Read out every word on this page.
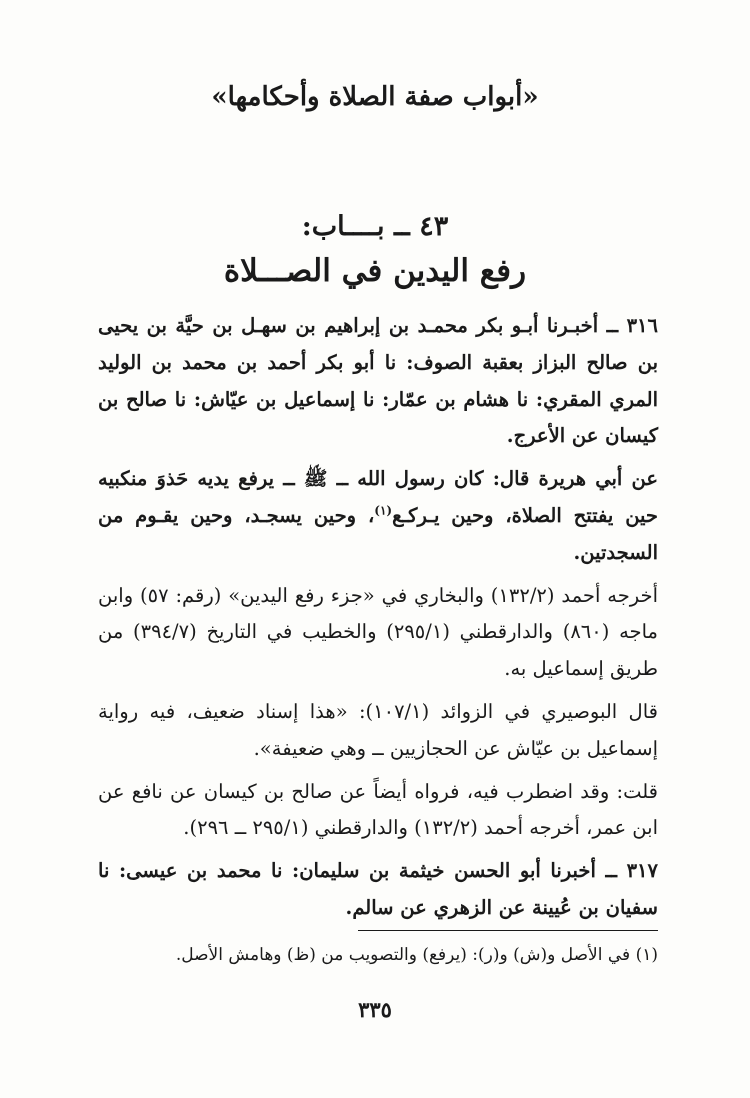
«أبواب صفة الصلاة وأحكامها»
٤٣ ــ بــــاب:
رفع اليدين في الصـــلاة

٣١٦ ــ أخبـرنا أبـو بكر محمـد بن إبراهيم بن سهـل بن حيَّة بن يحيى بن صالح البزاز بعقبة الصوف: نا أبو بكر أحمد بن محمد بن الوليد المري المقري: نا هشام بن عمّار: نا إسماعيل بن عيّاش: نا صالح بن كيسان عن الأعرج.

عن أبي هريرة قال: كان رسول الله ــ ﷺ ــ يرفع يديه حَذوَ منكبيه حين يفتتح الصلاة، وحين يـركـع$^{(١)}$، وحين يسجـد، وحين يقـوم من السجدتين.

أخرجه أحمد (١٣٢/٢) والبخاري في «جزء رفع اليدين» (رقم: ٥٧) وابن ماجه (٨٦٠) والدارقطني (٢٩٥/١) والخطيب في التاريخ (٣٩٤/٧) من طريق إسماعيل به.

قال البوصيري في الزوائد (١٠٧/١): «هذا إسناد ضعيف، فيه رواية إسماعيل بن عيّاش عن الحجازيين ــ وهي ضعيفة».

قلت: وقد اضطرب فيه، فرواه أيضاً عن صالح بن كيسان عن نافع عن ابن عمر، أخرجه أحمد (١٣٢/٢) والدارقطني (٢٩٥/١ ــ ٢٩٦).

٣١٧ ــ أخبرنا أبو الحسن خيثمة بن سليمان: نا محمد بن عيسى: نا سفيان بن عُيينة عن الزهري عن سالم.

(١) في الأصل و(ش) و(ر): (يرفع) والتصويب من (ظ) وهامش الأصل.
٣٣٥
